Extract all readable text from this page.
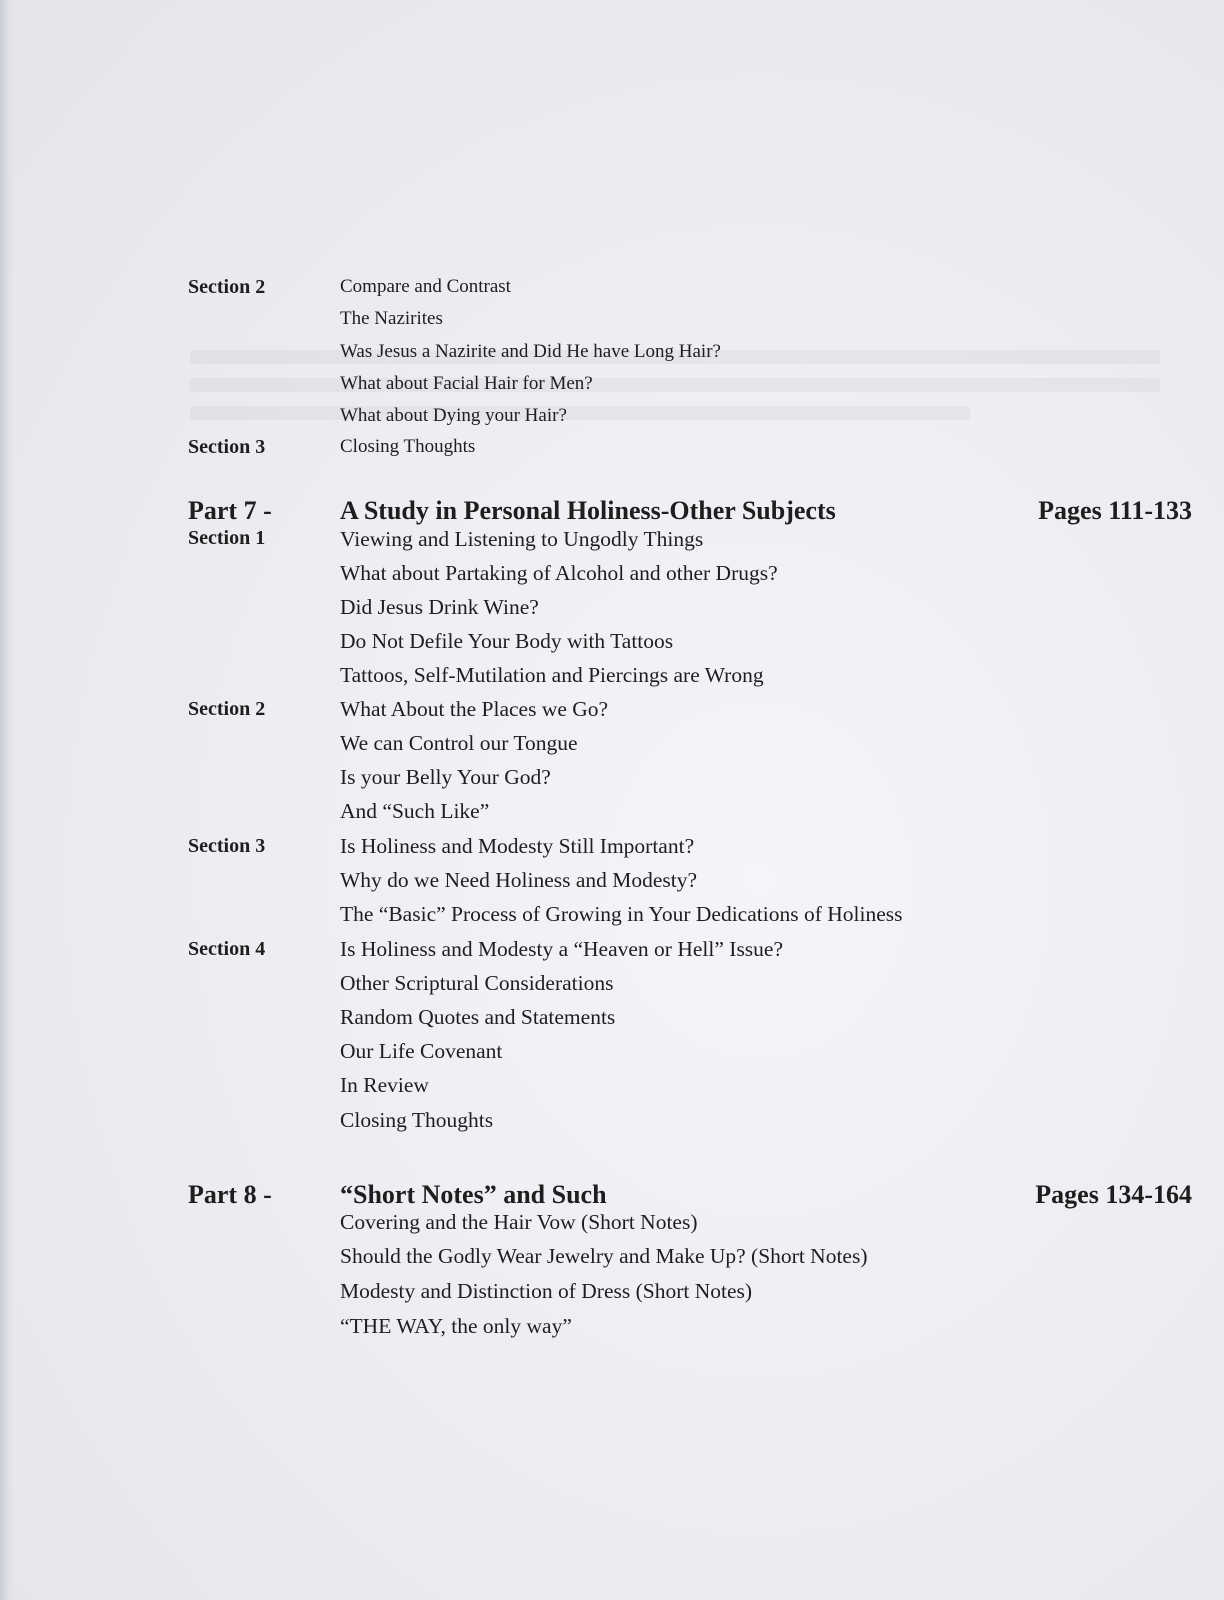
Section 2	Compare and Contrast
The Nazirites
Was Jesus a Nazirite and Did He have Long Hair?
What about Facial Hair for Men?
What about Dying your Hair?
Section 3	Closing Thoughts
Part 7 -	A Study in Personal Holiness-Other Subjects	Pages 111-133
Section 1	Viewing and Listening to Ungodly Things
What about Partaking of Alcohol and other Drugs?
Did Jesus Drink Wine?
Do Not Defile Your Body with Tattoos
Tattoos, Self-Mutilation and Piercings are Wrong
Section 2	What About the Places we Go?
We can Control our Tongue
Is your Belly Your God?
And “Such Like”
Section 3	Is Holiness and Modesty Still Important?
Why do we Need Holiness and Modesty?
The “Basic” Process of Growing in Your Dedications of Holiness
Section 4	Is Holiness and Modesty a “Heaven or Hell” Issue?
Other Scriptural Considerations
Random Quotes and Statements
Our Life Covenant
In Review
Closing Thoughts
Part 8 -	“Short Notes” and Such	Pages 134-164
Covering and the Hair Vow (Short Notes)
Should the Godly Wear Jewelry and Make Up? (Short Notes)
Modesty and Distinction of Dress (Short Notes)
“THE WAY, the only way”
